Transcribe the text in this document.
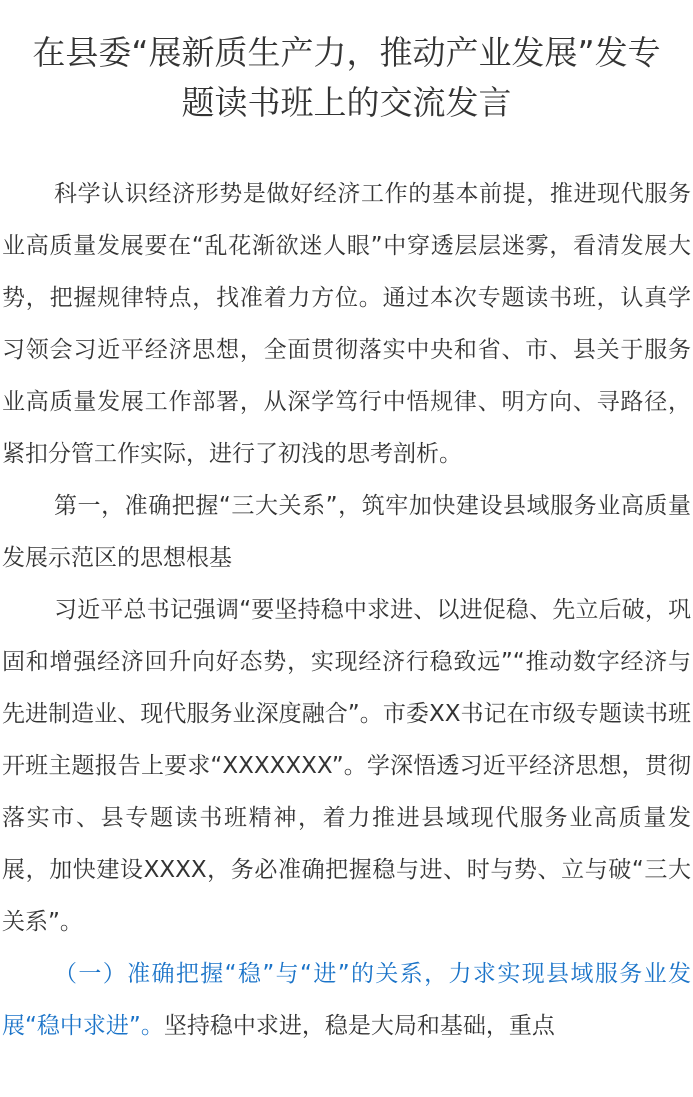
在县委“展新质生产力，推动产业发展”发专
题读书班上的交流发言

科学认识经济形势是做好经济工作的基本前提，推进现代服务业高质量发展要在“乱花渐欲迷人眼”中穿透层层迷雾，看清发展大势，把握规律特点，找准着力方位。通过本次专题读书班，认真学习领会习近平经济思想，全面贯彻落实中央和省、市、县关于服务业高质量发展工作部署，从深学笃行中悟规律、明方向、寻路径，紧扣分管工作实际，进行了初浅的思考剖析。

第一，准确把握“三大关系”，筑牢加快建设县域服务业高质量发展示范区的思想根基

习近平总书记强调“要坚持稳中求进、以进促稳、先立后破，巩固和增强经济回升向好态势，实现经济行稳致远”“推动数字经济与先进制造业、现代服务业深度融合”。市委XX书记在市级专题读书班开班主题报告上要求“XXXXXXX”。学深悟透习近平经济思想，贯彻落实市、县专题读书班精神，着力推进县域现代服务业高质量发展，加快建设XXXX，务必准确把握稳与进、时与势、立与破“三大关系”。

（一）准确把握“稳”与“进”的关系，力求实现县域服务业发展“稳中求进”。坚持稳中求进，稳是大局和基础，重点
